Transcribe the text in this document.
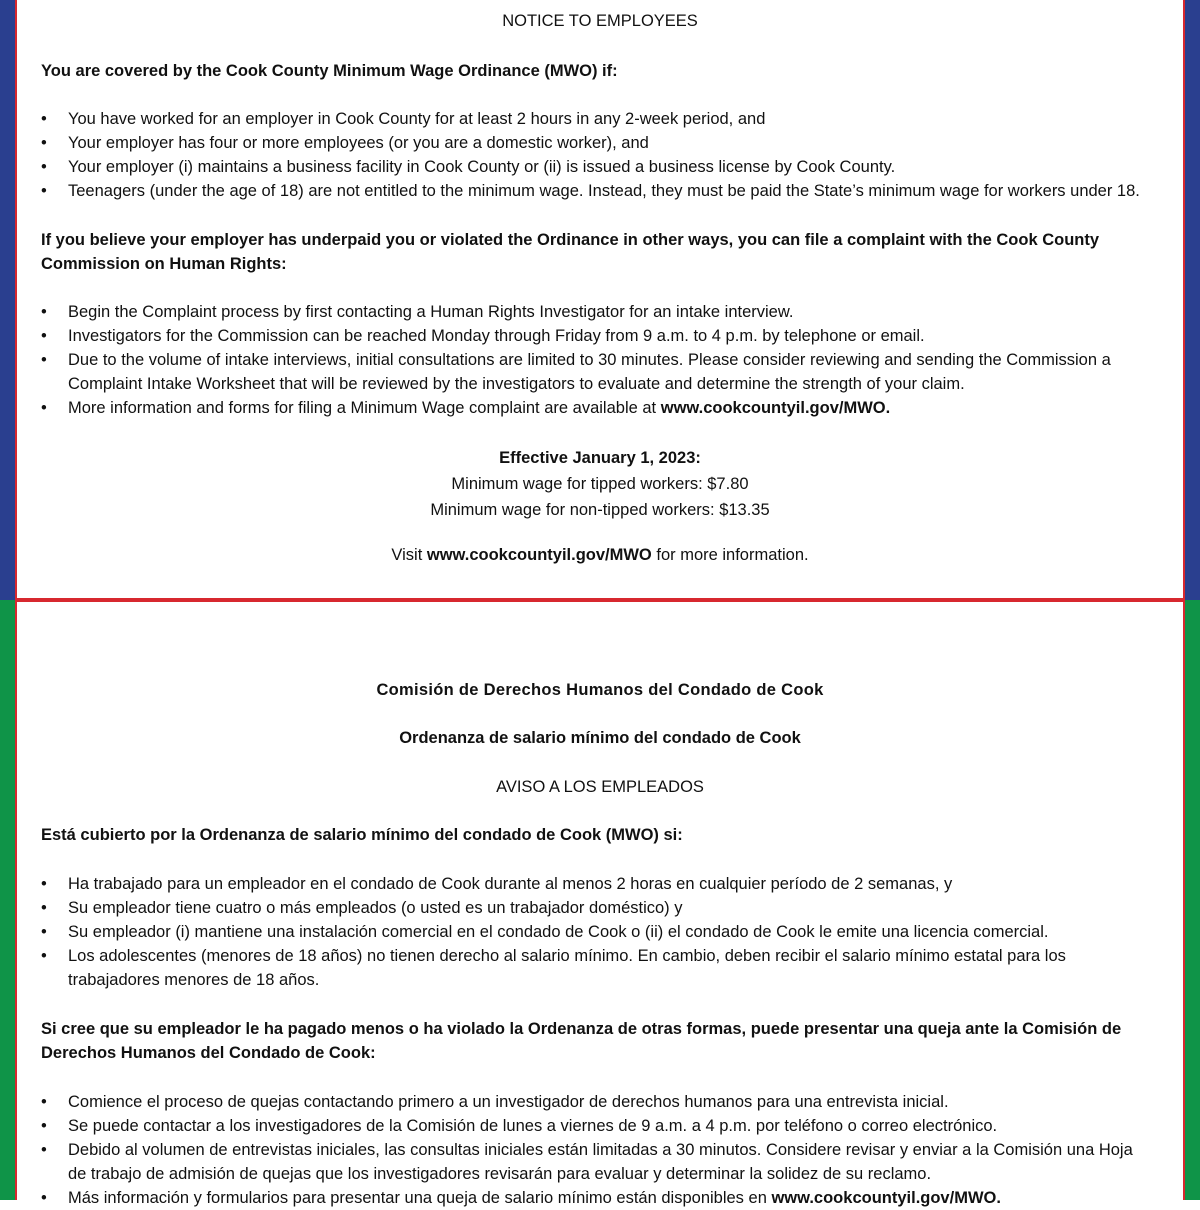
NOTICE TO EMPLOYEES

You are covered by the Cook County Minimum Wage Ordinance (MWO) if:

• You have worked for an employer in Cook County for at least 2 hours in any 2-week period, and
• Your employer has four or more employees (or you are a domestic worker), and
• Your employer (i) maintains a business facility in Cook County or (ii) is issued a business license by Cook County.
• Teenagers (under the age of 18) are not entitled to the minimum wage. Instead, they must be paid the State’s minimum wage for workers under 18.

If you believe your employer has underpaid you or violated the Ordinance in other ways, you can file a complaint with the Cook County Commission on Human Rights:

• Begin the Complaint process by first contacting a Human Rights Investigator for an intake interview.
• Investigators for the Commission can be reached Monday through Friday from 9 a.m. to 4 p.m. by telephone or email.
• Due to the volume of intake interviews, initial consultations are limited to 30 minutes. Please consider reviewing and sending the Commission a Complaint Intake Worksheet that will be reviewed by the investigators to evaluate and determine the strength of your claim.
• More information and forms for filing a Minimum Wage complaint are available at www.cookcountyil.gov/MWO.

Effective January 1, 2023:

Minimum wage for tipped workers: $7.80

Minimum wage for non-tipped workers: $13.35

Visit www.cookcountyil.gov/MWO for more information.

Comisión de Derechos Humanos del Condado de Cook

Ordenanza de salario mínimo del condado de Cook

AVISO A LOS EMPLEADOS

Está cubierto por la Ordenanza de salario mínimo del condado de Cook (MWO) si:

• Ha trabajado para un empleador en el condado de Cook durante al menos 2 horas en cualquier período de 2 semanas, y
• Su empleador tiene cuatro o más empleados (o usted es un trabajador doméstico) y
• Su empleador (i) mantiene una instalación comercial en el condado de Cook o (ii) el condado de Cook le emite una licencia comercial.
• Los adolescentes (menores de 18 años) no tienen derecho al salario mínimo. En cambio, deben recibir el salario mínimo estatal para los trabajadores menores de 18 años.

Si cree que su empleador le ha pagado menos o ha violado la Ordenanza de otras formas, puede presentar una queja ante la Comisión de Derechos Humanos del Condado de Cook:

• Comience el proceso de quejas contactando primero a un investigador de derechos humanos para una entrevista inicial.
• Se puede contactar a los investigadores de la Comisión de lunes a viernes de 9 a.m. a 4 p.m. por teléfono o correo electrónico.
• Debido al volumen de entrevistas iniciales, las consultas iniciales están limitadas a 30 minutos. Considere revisar y enviar a la Comisión una Hoja de trabajo de admisión de quejas que los investigadores revisarán para evaluar y determinar la solidez de su reclamo.
• Más información y formularios para presentar una queja de salario mínimo están disponibles en www.cookcountyil.gov/MWO.
